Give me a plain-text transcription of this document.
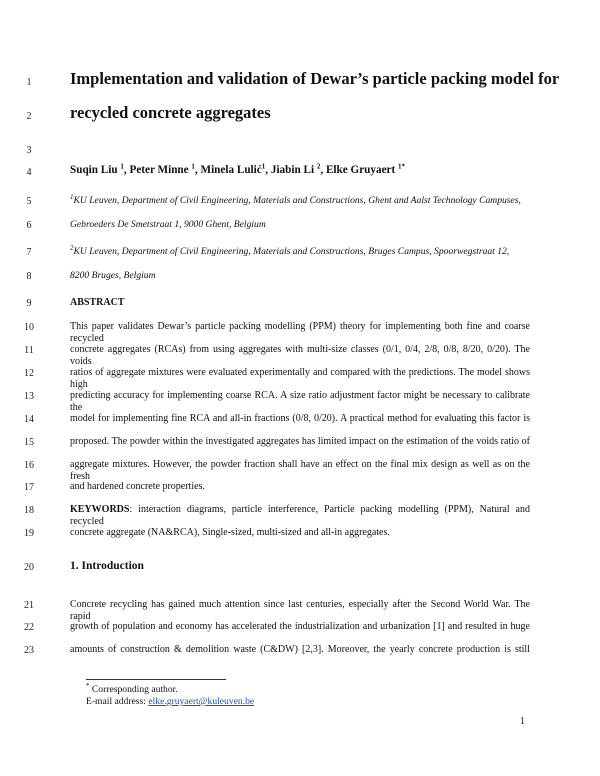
1
2
3
4
5
6
7
8
9
10
11
12
13
14
15
16
17
18
19
20
21
22
23
Implementation and validation of Dewar’s particle packing model for
recycled concrete aggregates
Suqin Liu $^1$, Peter Minne $^1$, Minela Lulić$^1$, Jiabin Li $^2$, Elke Gruyaert $^{1*}$
$^1$KU Leuven, Department of Civil Engineering, Materials and Constructions, Ghent and Aalst Technology Campuses,
Gebroeders De Smetstraat 1, 9000 Ghent, Belgium
$^2$KU Leuven, Department of Civil Engineering, Materials and Constructions, Bruges Campus, Spoorwegstraat 12,
8200 Bruges, Belgium
ABSTRACT
This paper validates Dewar’s particle packing modelling (PPM) theory for implementing both fine and coarse recycled
concrete aggregates (RCAs) from using aggregates with multi-size classes (0/1, 0/4, 2/8, 0/8, 8/20, 0/20). The voids
ratios of aggregate mixtures were evaluated experimentally and compared with the predictions. The model shows high
predicting accuracy for implementing coarse RCA. A size ratio adjustment factor might be necessary to calibrate the
model for implementing fine RCA and all-in fractions (0/8, 0/20). A practical method for evaluating this factor is
proposed. The powder within the investigated aggregates has limited impact on the estimation of the voids ratio of
aggregate mixtures. However, the powder fraction shall have an effect on the final mix design as well as on the fresh
and hardened concrete properties.
KEYWORDS: interaction diagrams, particle interference, Particle packing modelling (PPM), Natural and recycled
concrete aggregate (NA&RCA), Single-sized, multi-sized and all-in aggregates.
1. Introduction
Concrete recycling has gained much attention since last centuries, especially after the Second World War. The rapid
growth of population and economy has accelerated the industrialization and urbanization [1] and resulted in huge
amounts of construction & demolition waste (C&DW) [2,3]. Moreover, the yearly concrete production is still
* Corresponding author.
E-mail address: elke.gruyaert@kuleuven.be
1
